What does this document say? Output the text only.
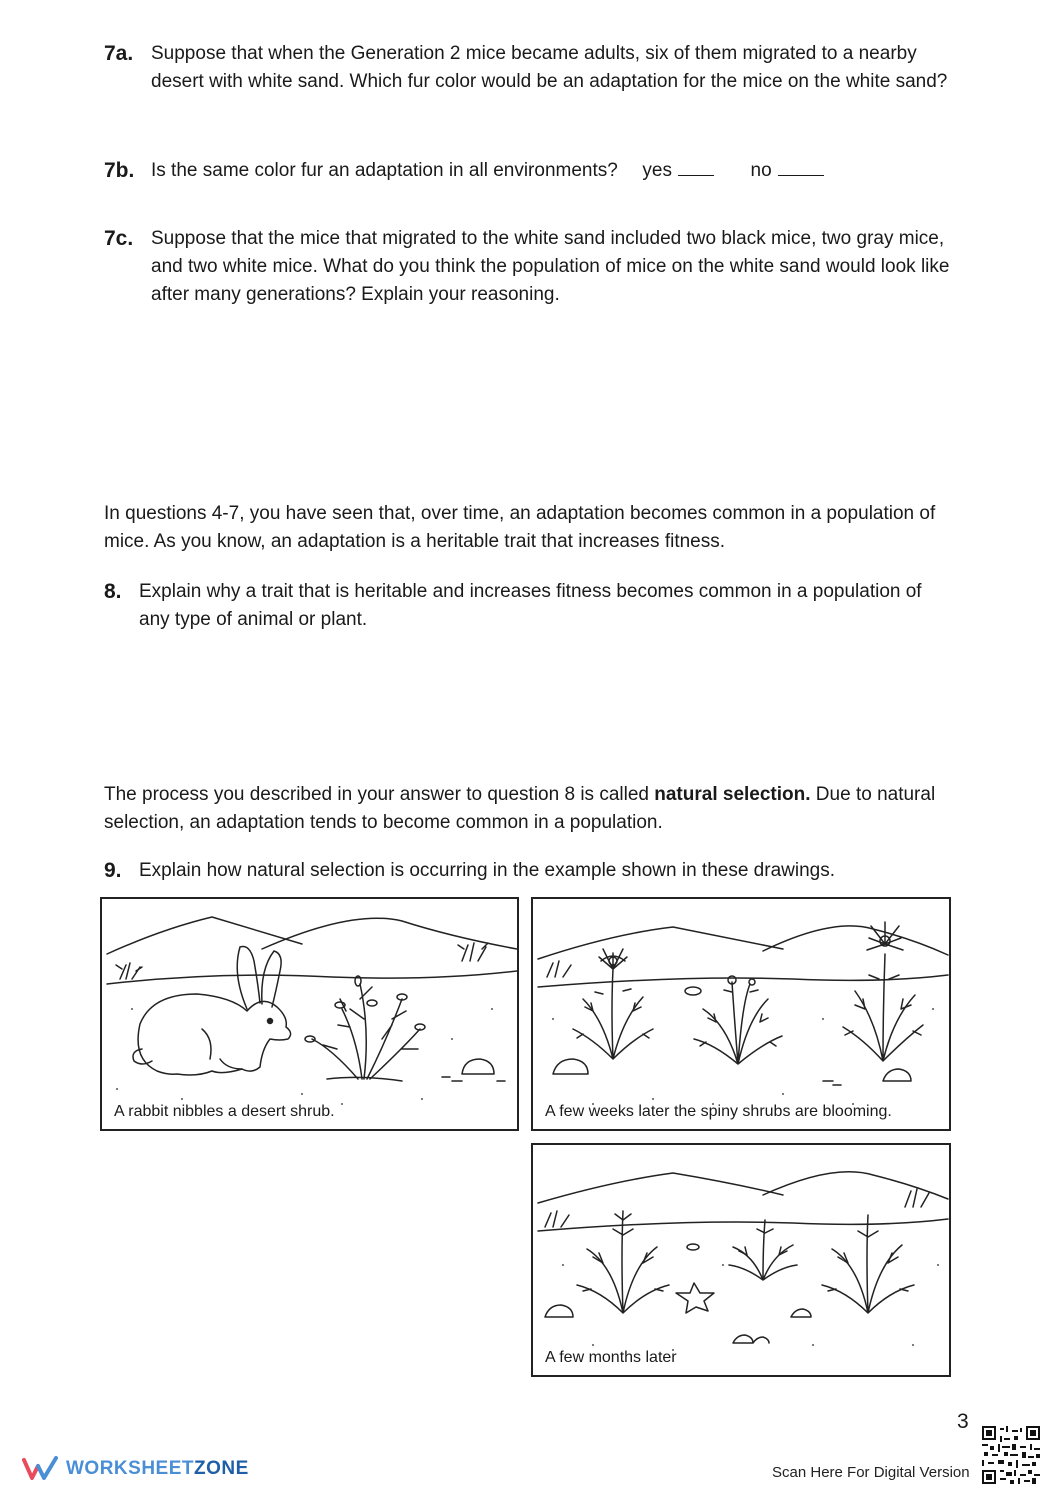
7a. Suppose that when the Generation 2 mice became adults, six of them migrated to a nearby desert with white sand. Which fur color would be an adaptation for the mice on the white sand?
7b. Is the same color fur an adaptation in all environments? yes	no
7c. Suppose that the mice that migrated to the white sand included two black mice, two gray mice, and two white mice. What do you think the population of mice on the white sand would look like after many generations? Explain your reasoning.
In questions 4-7, you have seen that, over time, an adaptation becomes common in a population of mice. As you know, an adaptation is a heritable trait that increases fitness.
8. Explain why a trait that is heritable and increases fitness becomes common in a population of any type of animal or plant.
The process you described in your answer to question 8 is called natural selection. Due to natural selection, an adaptation tends to become common in a population.
9. Explain how natural selection is occurring in the example shown in these drawings.
A rabbit nibbles a desert shrub.	A few weeks later the spiny shrubs are blooming.
A few months later
3
WORKSHEETZONE	Scan Here For Digital Version
